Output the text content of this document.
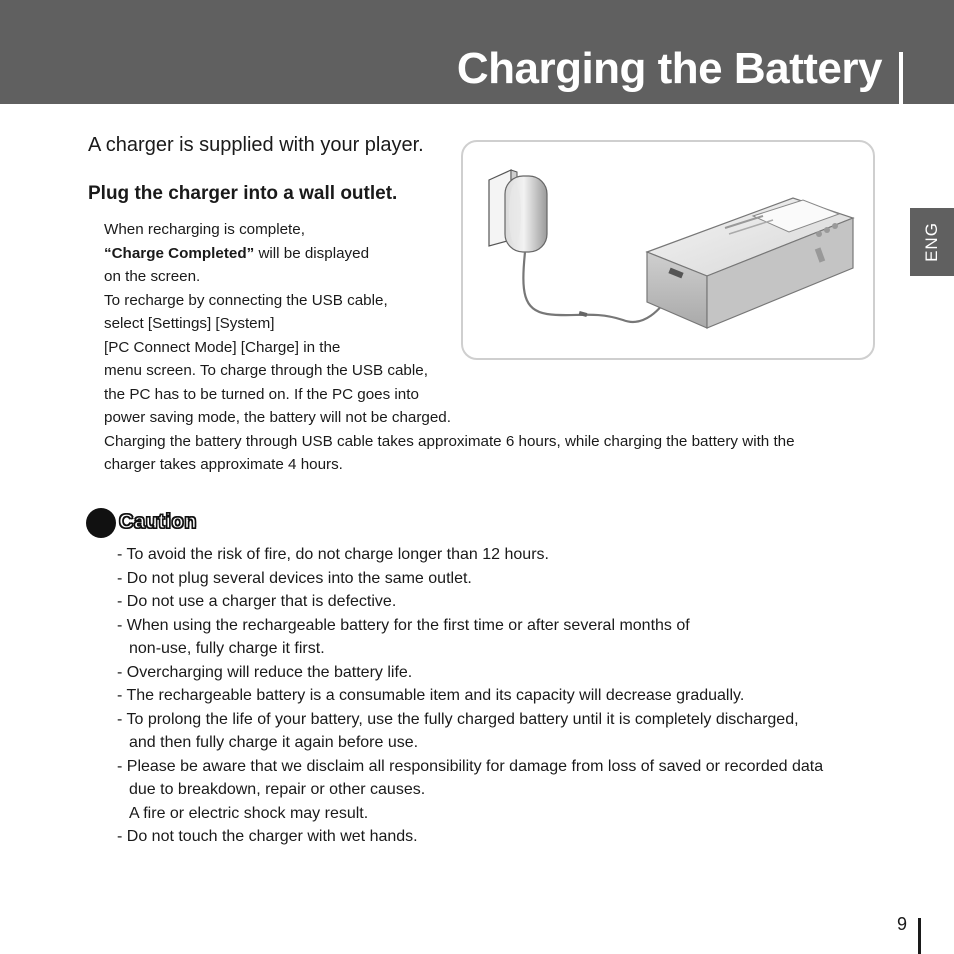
Charging the Battery
ENG
A charger is supplied with your player.
Plug the charger into a wall outlet.
When recharging is complete,
“Charge Completed” will be displayed
on the screen.
To recharge by connecting the USB cable,
select [Settings] [System]
[PC Connect Mode] [Charge] in the
menu screen. To charge through the USB cable,
the PC has to be turned on. If the PC goes into
power saving mode, the battery will not be charged.
Charging the battery through USB cable takes approximate 6 hours, while charging the battery with the
charger takes approximate 4 hours.
Caution
- To avoid the risk of fire, do not charge longer than 12 hours.
- Do not plug several devices into the same outlet.
- Do not use a charger that is defective.
- When using the rechargeable battery for the first time or after several months of
non-use, fully charge it first.
- Overcharging will reduce the battery life.
- The rechargeable battery is a consumable item and its capacity will decrease gradually.
- To prolong the life of your battery, use the fully charged battery until it is completely discharged,
and then fully charge it again before use.
- Please be aware that we disclaim all responsibility for damage from loss of saved or recorded data
due to breakdown, repair or other causes.
A fire or electric shock may result.
- Do not touch the charger with wet hands.
9
